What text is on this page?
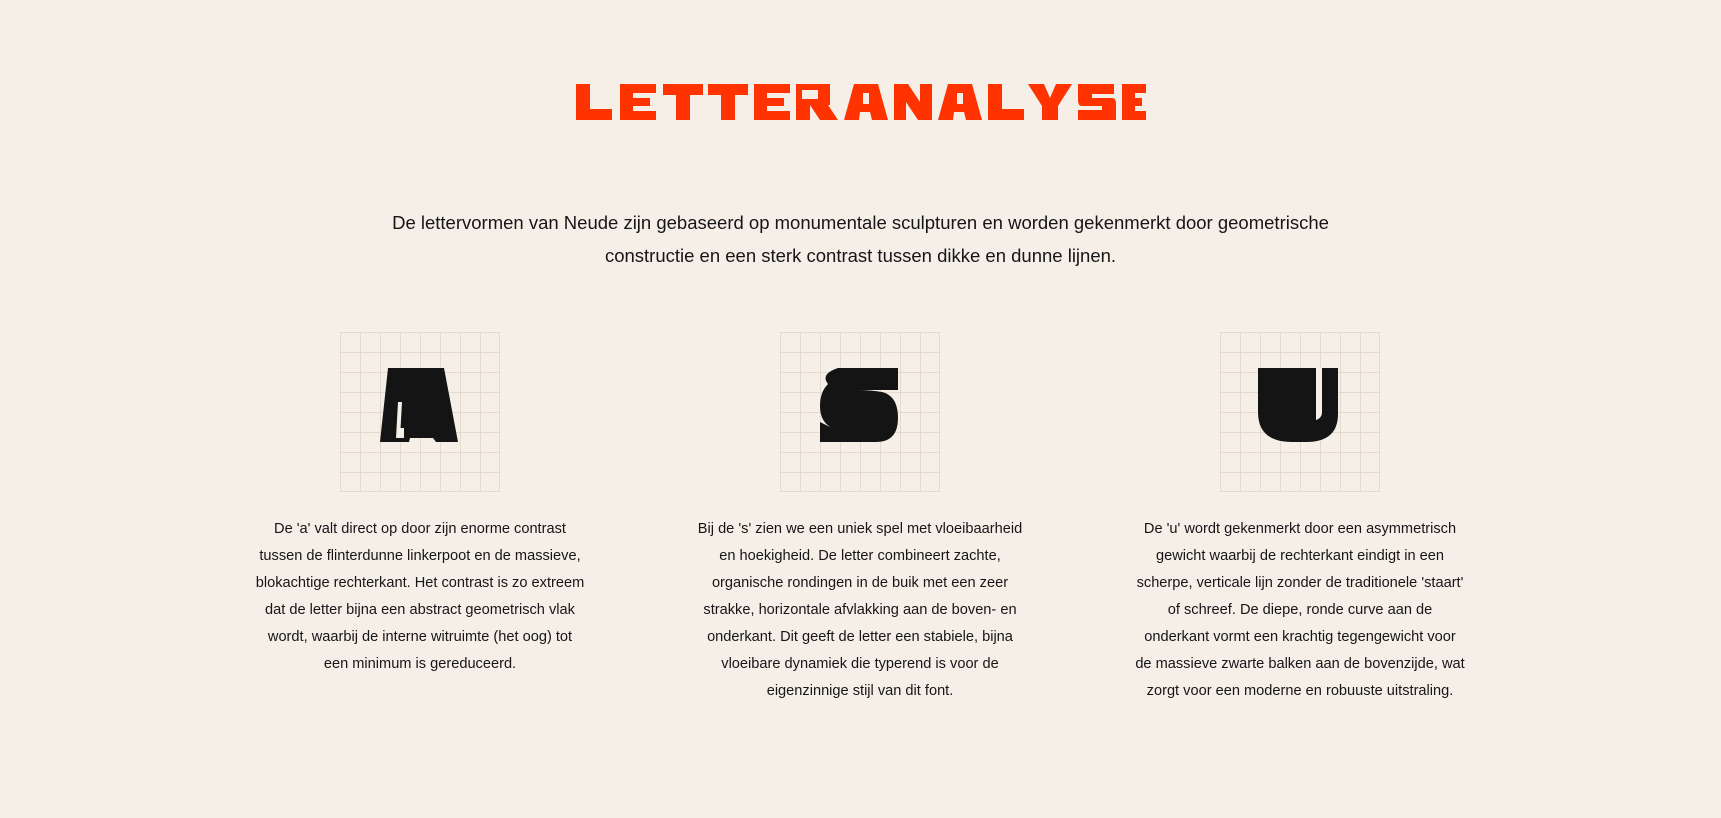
De lettervormen van Neude zijn gebaseerd op monumentale sculpturen en worden gekenmerkt door geometrische constructie en een sterk contrast tussen dikke en dunne lijnen.

De 'a' valt direct op door zijn enorme contrast tussen de flinterdunne linkerpoot en de massieve, blokachtige rechterkant. Het contrast is zo extreem dat de letter bijna een abstract geometrisch vlak wordt, waarbij de interne witruimte (het oog) tot een minimum is gereduceerd.

Bij de 's' zien we een uniek spel met vloeibaarheid en hoekigheid. De letter combineert zachte, organische rondingen in de buik met een zeer strakke, horizontale afvlakking aan de boven- en onderkant. Dit geeft de letter een stabiele, bijna vloeibare dynamiek die typerend is voor de eigenzinnige stijl van dit font.

De 'u' wordt gekenmerkt door een asymmetrisch gewicht waarbij de rechterkant eindigt in een scherpe, verticale lijn zonder de traditionele 'staart' of schreef. De diepe, ronde curve aan de onderkant vormt een krachtig tegengewicht voor de massieve zwarte balken aan de bovenzijde, wat zorgt voor een moderne en robuuste uitstraling.
